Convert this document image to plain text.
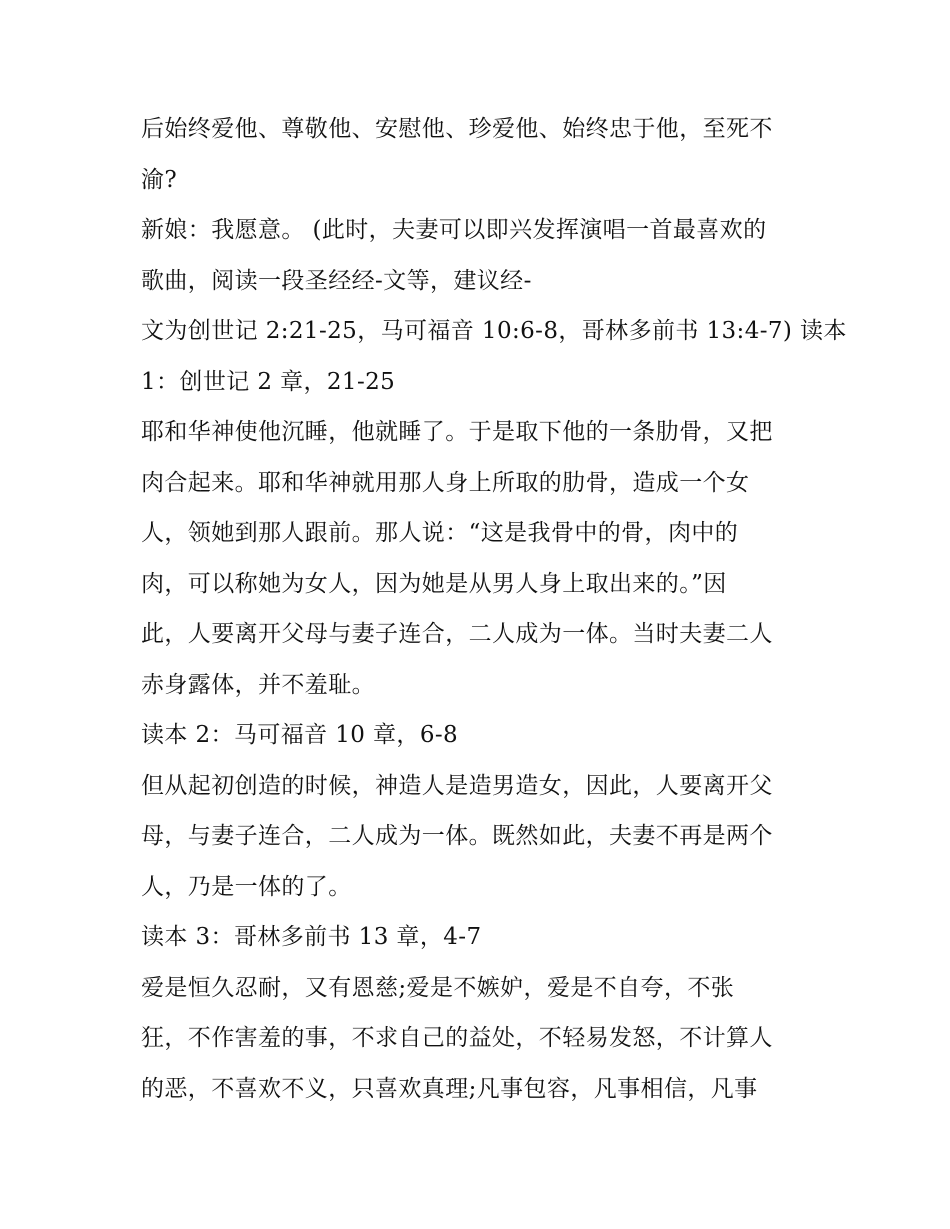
后始终爱他、尊敬他、安慰他、珍爱他、始终忠于他，至死不
渝?
新娘：我愿意。 (此时，夫妻可以即兴发挥演唱一首最喜欢的
歌曲，阅读一段圣经经-文等，建议经-
文为创世记 2:21-25，马可福音 10:6-8，哥林多前书 13:4-7) 读本
1：创世记 2 章，21-25
耶和华神使他沉睡，他就睡了。于是取下他的一条肋骨，又把
肉合起来。耶和华神就用那人身上所取的肋骨，造成一个女
人，领她到那人跟前。那人说：“这是我骨中的骨，肉中的
肉，可以称她为女人，因为她是从男人身上取出来的。”因
此，人要离开父母与妻子连合，二人成为一体。当时夫妻二人
赤身露体，并不羞耻。
读本 2：马可福音 10 章，6-8
但从起初创造的时候，神造人是造男造女，因此，人要离开父
母，与妻子连合，二人成为一体。既然如此，夫妻不再是两个
人，乃是一体的了。
读本 3：哥林多前书 13 章，4-7
爱是恒久忍耐，又有恩慈;爱是不嫉妒，爱是不自夸，不张
狂，不作害羞的事，不求自己的益处，不轻易发怒，不计算人
的恶，不喜欢不义，只喜欢真理;凡事包容，凡事相信，凡事
